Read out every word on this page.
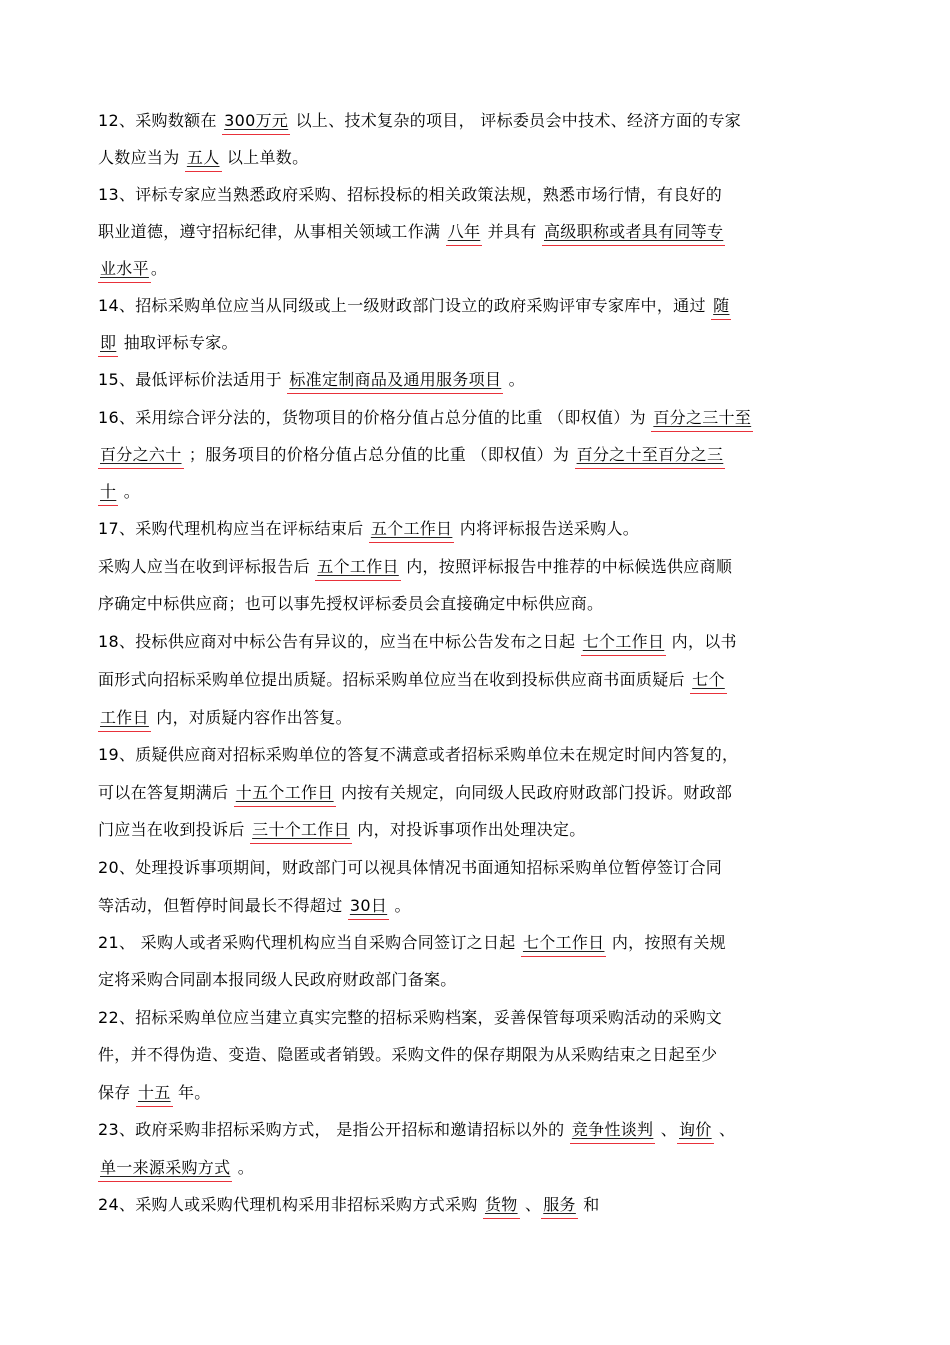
12、采购数额在 300万元 以上、技术复杂的项目， 评标委员会中技术、经济方面的专家
人数应当为 五人 以上单数。
13、评标专家应当熟悉政府采购、招标投标的相关政策法规，熟悉市场行情，有良好的
职业道德，遵守招标纪律，从事相关领域工作满 八年 并具有 高级职称或者具有同等专
业水平 。
14、招标采购单位应当从同级或上一级财政部门设立的政府采购评审专家库中，通过 随
即 抽取评标专家。
15、最低评标价法适用于 标准定制商品及通用服务项目 。
16、采用综合评分法的，货物项目的价格分值占总分值的比重 （即权值）为 百分之三十至
百分之六十 ；服务项目的价格分值占总分值的比重 （即权值）为 百分之十至百分之三
十 。
17、采购代理机构应当在评标结束后 五个工作日 内将评标报告送采购人。
采购人应当在收到评标报告后 五个工作日 内，按照评标报告中推荐的中标候选供应商顺
序确定中标供应商；也可以事先授权评标委员会直接确定中标供应商。
18、投标供应商对中标公告有异议的，应当在中标公告发布之日起 七个工作日 内，以书
面形式向招标采购单位提出质疑。招标采购单位应当在收到投标供应商书面质疑后 七个
工作日 内，对质疑内容作出答复。
19、质疑供应商对招标采购单位的答复不满意或者招标采购单位未在规定时间内答复的，
可以在答复期满后 十五个工作日 内按有关规定，向同级人民政府财政部门投诉。财政部
门应当在收到投诉后 三十个工作日 内，对投诉事项作出处理决定。
20、处理投诉事项期间，财政部门可以视具体情况书面通知招标采购单位暂停签订合同
等活动，但暂停时间最长不得超过 30日 。
21、 采购人或者采购代理机构应当自采购合同签订之日起 七个工作日 内，按照有关规
定将采购合同副本报同级人民政府财政部门备案。
22、招标采购单位应当建立真实完整的招标采购档案，妥善保管每项采购活动的采购文
件，并不得伪造、变造、隐匿或者销毁。采购文件的保存期限为从采购结束之日起至少
保存 十五 年。
23、政府采购非招标采购方式， 是指公开招标和邀请招标以外的 竞争性谈判 、 询价 、
单一来源采购方式 。
24、采购人或采购代理机构采用非招标采购方式采购 货物 、 服务 和
